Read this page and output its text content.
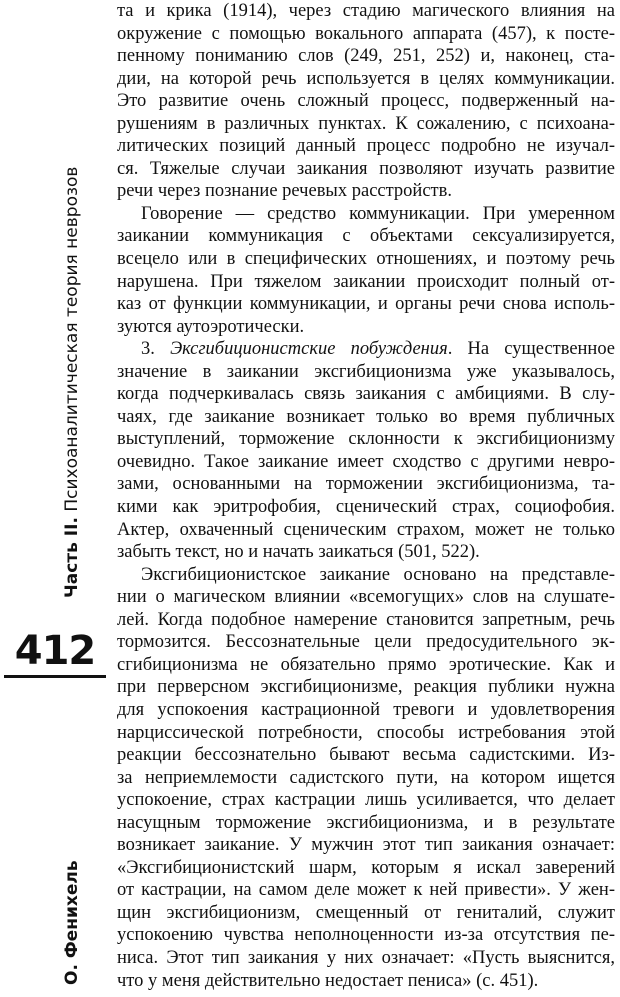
Часть II. Психоаналитическая теория неврозов
412
О. Фенихель
та и крика (1914), через стадию магического влияния на
окружение с помощью вокального аппарата (457), к посте-
пенному пониманию слов (249, 251, 252) и, наконец, ста-
дии, на которой речь используется в целях коммуникации.
Это развитие очень сложный процесс, подверженный на-
рушениям в различных пунктах. К сожалению, с психоана-
литических позиций данный процесс подробно не изучал-
ся. Тяжелые случаи заикания позволяют изучать развитие
речи через познание речевых расстройств.
Говорение — средство коммуникации. При умеренном
заикании коммуникация с объектами сексуализируется,
всецело или в специфических отношениях, и поэтому речь
нарушена. При тяжелом заикании происходит полный от-
каз от функции коммуникации, и органы речи снова исполь-
зуются аутоэротически.
3. Эксгибиционистские побуждения. На существенное
значение в заикании эксгибиционизма уже указывалось,
когда подчеркивалась связь заикания с амбициями. В слу-
чаях, где заикание возникает только во время публичных
выступлений, торможение склонности к эксгибиционизму
очевидно. Такое заикание имеет сходство с другими невро-
зами, основанными на торможении эксгибиционизма, та-
кими как эритрофобия, сценический страх, социофобия.
Актер, охваченный сценическим страхом, может не только
забыть текст, но и начать заикаться (501, 522).
Эксгибиционистское заикание основано на представле-
нии о магическом влиянии «всемогущих» слов на слушате-
лей. Когда подобное намерение становится запретным, речь
тормозится. Бессознательные цели предосудительного эк-
сгибиционизма не обязательно прямо эротические. Как и
при перверсном эксгибиционизме, реакция публики нужна
для успокоения кастрационной тревоги и удовлетворения
нарциссической потребности, способы истребования этой
реакции бессознательно бывают весьма садистскими. Из-
за неприемлемости садистского пути, на котором ищется
успокоение, страх кастрации лишь усиливается, что делает
насущным торможение эксгибиционизма, и в результате
возникает заикание. У мужчин этот тип заикания означает:
«Эксгибиционистский шарм, которым я искал заверений
от кастрации, на самом деле может к ней привести». У жен-
щин эксгибиционизм, смещенный от гениталий, служит
успокоению чувства неполноценности из-за отсутствия пе-
ниса. Этот тип заикания у них означает: «Пусть выяснится,
что у меня действительно недостает пениса» (с. 451).
